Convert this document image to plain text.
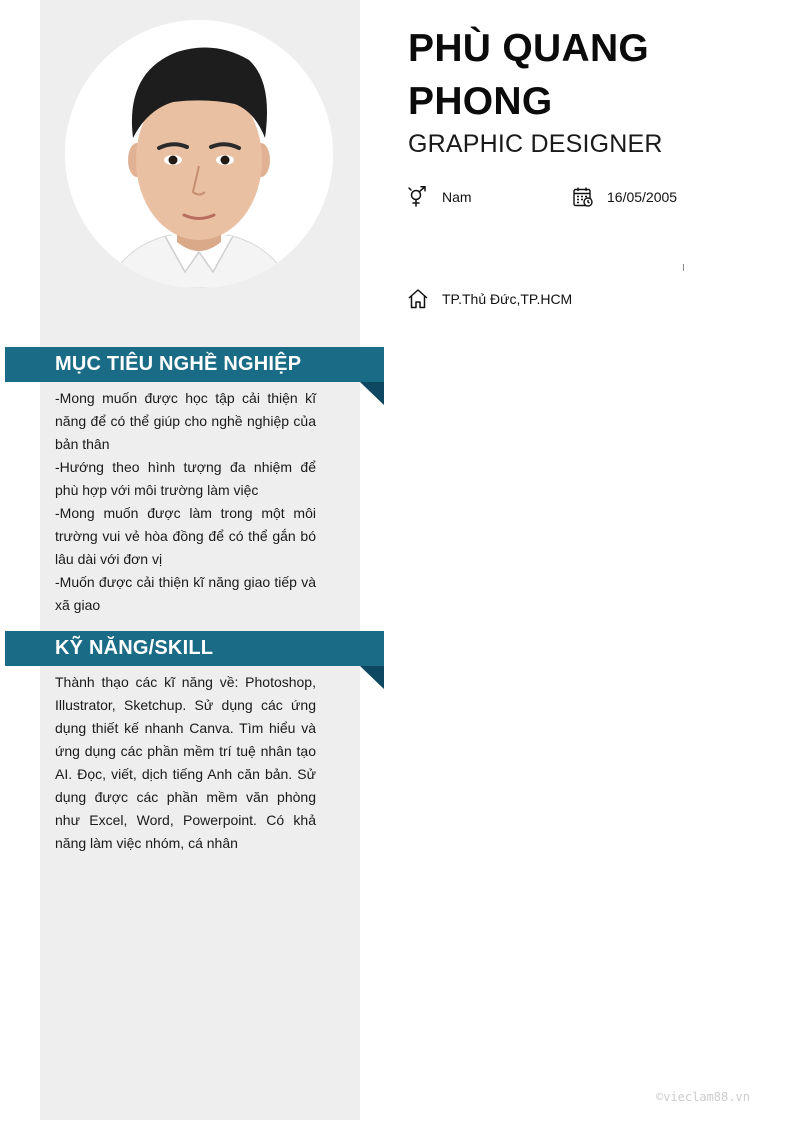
PHÙ QUANG PHONG
GRAPHIC DESIGNER
Nam	16/05/2005
TP.Thủ Đức,TP.HCM
MỤC TIÊU NGHỀ NGHIỆP

-Mong muốn được học tập cải thiện kĩ năng để có thể giúp cho nghề nghiệp của bản thân

-Hướng theo hình tượng đa nhiệm để phù hợp với môi trường làm việc

-Mong muốn được làm trong một môi trường vui vẻ hòa đồng để có thể gắn bó lâu dài với đơn vị

-Muốn được cải thiện kĩ năng giao tiếp và xã giao

KỸ NĂNG/SKILL

Thành thạo các kĩ năng về: Photoshop, Illustrator, Sketchup. Sử dụng các ứng dụng thiết kế nhanh Canva. Tìm hiểu và ứng dụng các phần mềm trí tuệ nhân tạo AI. Đọc, viết, dịch tiếng Anh căn bản. Sử dụng được các phần mềm văn phòng như Excel, Word, Powerpoint. Có khả năng làm việc nhóm, cá nhân

©vieclam88.vn
